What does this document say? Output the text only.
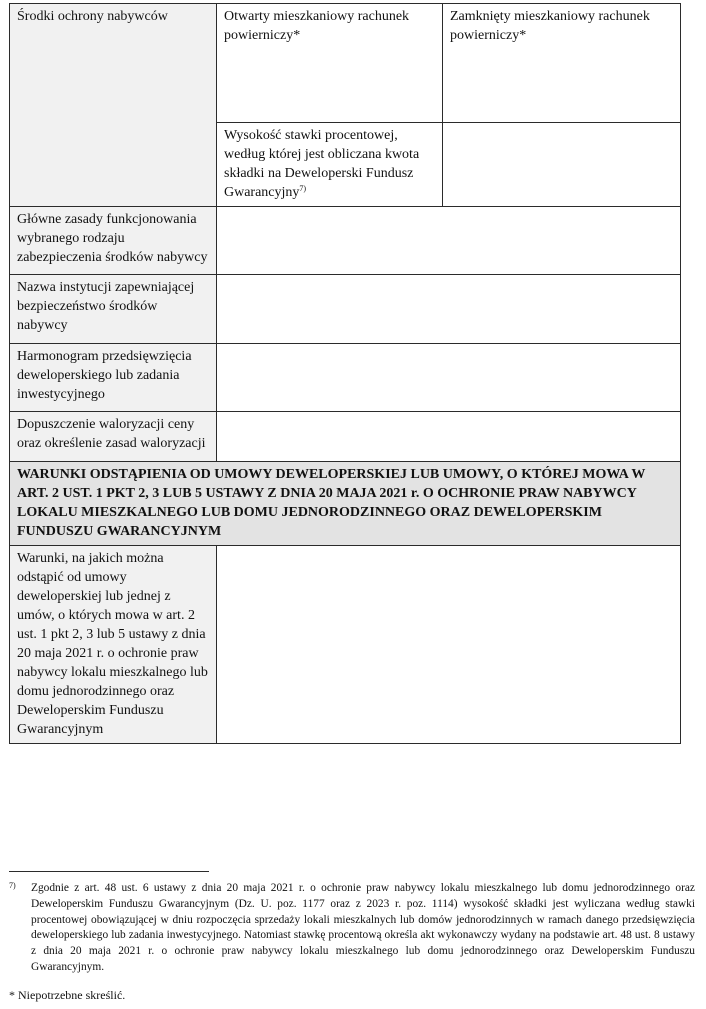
Środki ochrony nabywców	Otwarty mieszkaniowy rachunek powierniczy*	Zamknięty mieszkaniowy rachunek powierniczy*
	Wysokość stawki procentowej, według której jest obliczana kwota składki na Deweloperski Fundusz Gwarancyjny$^{7)}$	
Główne zasady funkcjonowania wybranego rodzaju zabezpieczenia środków nabywcy		
Nazwa instytucji zapewniającej bezpieczeństwo środków nabywcy		
Harmonogram przedsięwzięcia deweloperskiego lub zadania inwestycyjnego		
Dopuszczenie waloryzacji ceny oraz określenie zasad waloryzacji		
WARUNKI ODSTĄPIENIA OD UMOWY DEWELOPERSKIEJ LUB UMOWY, O KTÓREJ MOWA W ART. 2 UST. 1 PKT 2, 3 LUB 5 USTAWY Z DNIA 20 MAJA 2021 r. O OCHRONIE PRAW NABYWCY LOKALU MIESZKALNEGO LUB DOMU JEDNORODZINNEGO ORAZ DEWELOPERSKIM FUNDUSZU GWARANCYJNYM		
Warunki, na jakich można odstąpić od umowy deweloperskiej lub jednej z umów, o których mowa w art. 2 ust. 1 pkt 2, 3 lub 5 ustawy z dnia 20 maja 2021 r. o ochronie praw nabywcy lokalu mieszkalnego lub domu jednorodzinnego oraz Deweloperskim Funduszu Gwarancyjnym		
7) Zgodnie z art. 48 ust. 6 ustawy z dnia 20 maja 2021 r. o ochronie praw nabywcy lokalu mieszkalnego lub domu jednorodzinnego oraz Deweloperskim Funduszu Gwarancyjnym (Dz. U. poz. 1177 oraz z 2023 r. poz. 1114) wysokość składki jest wyliczana według stawki procentowej obowiązującej w dniu rozpoczęcia sprzedaży lokali mieszkalnych lub domów jednorodzinnych w ramach danego przedsięwzięcia deweloperskiego lub zadania inwestycyjnego. Natomiast stawkę procentową określa akt wykonawczy wydany na podstawie art. 48 ust. 8 ustawy z dnia 20 maja 2021 r. o ochronie praw nabywcy lokalu mieszkalnego lub domu jednorodzinnego oraz Deweloperskim Funduszu Gwarancyjnym.
* Niepotrzebne skreślić.
